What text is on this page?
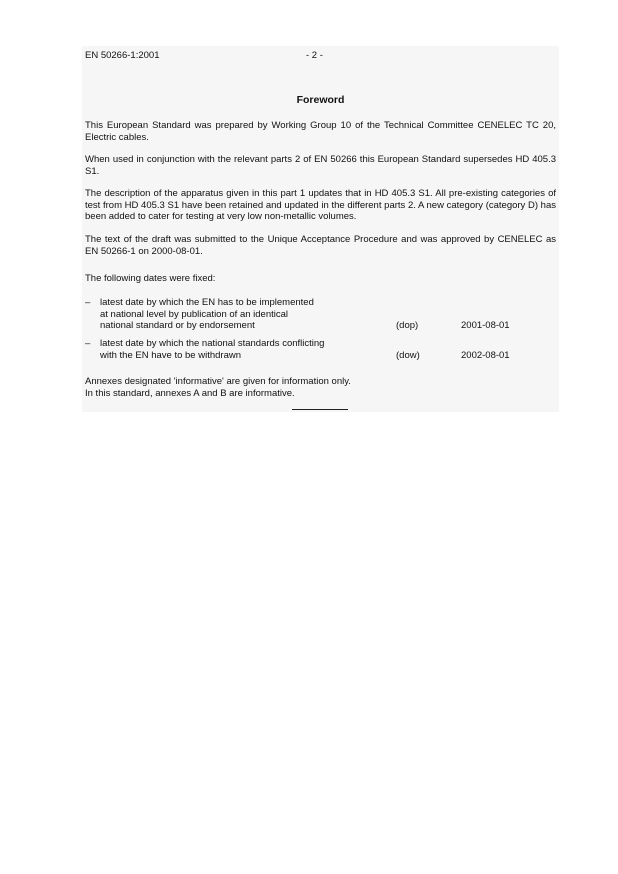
EN 50266-1:2001	- 2 -
Foreword

This European Standard was prepared by Working Group 10 of the Technical Committee CENELEC TC 20, Electric cables.

When used in conjunction with the relevant parts 2 of EN 50266 this European Standard supersedes HD 405.3 S1.

The description of the apparatus given in this part 1 updates that in HD 405.3 S1. All pre-existing categories of test from HD 405.3 S1 have been retained and updated in the different parts 2. A new category (category D) has been added to cater for testing at very low non-metallic volumes.

The text of the draft was submitted to the Unique Acceptance Procedure and was approved by CENELEC as EN 50266-1 on 2000-08-01.

The following dates were fixed:

– latest date by which the EN has to be implemented
at national level by publication of an identical
national standard or by endorsement	(dop)	2001-08-01
– latest date by which the national standards conflicting
with the EN have to be withdrawn	(dow)	2002-08-01
Annexes designated 'informative' are given for information only.
In this standard, annexes A and B are informative.
